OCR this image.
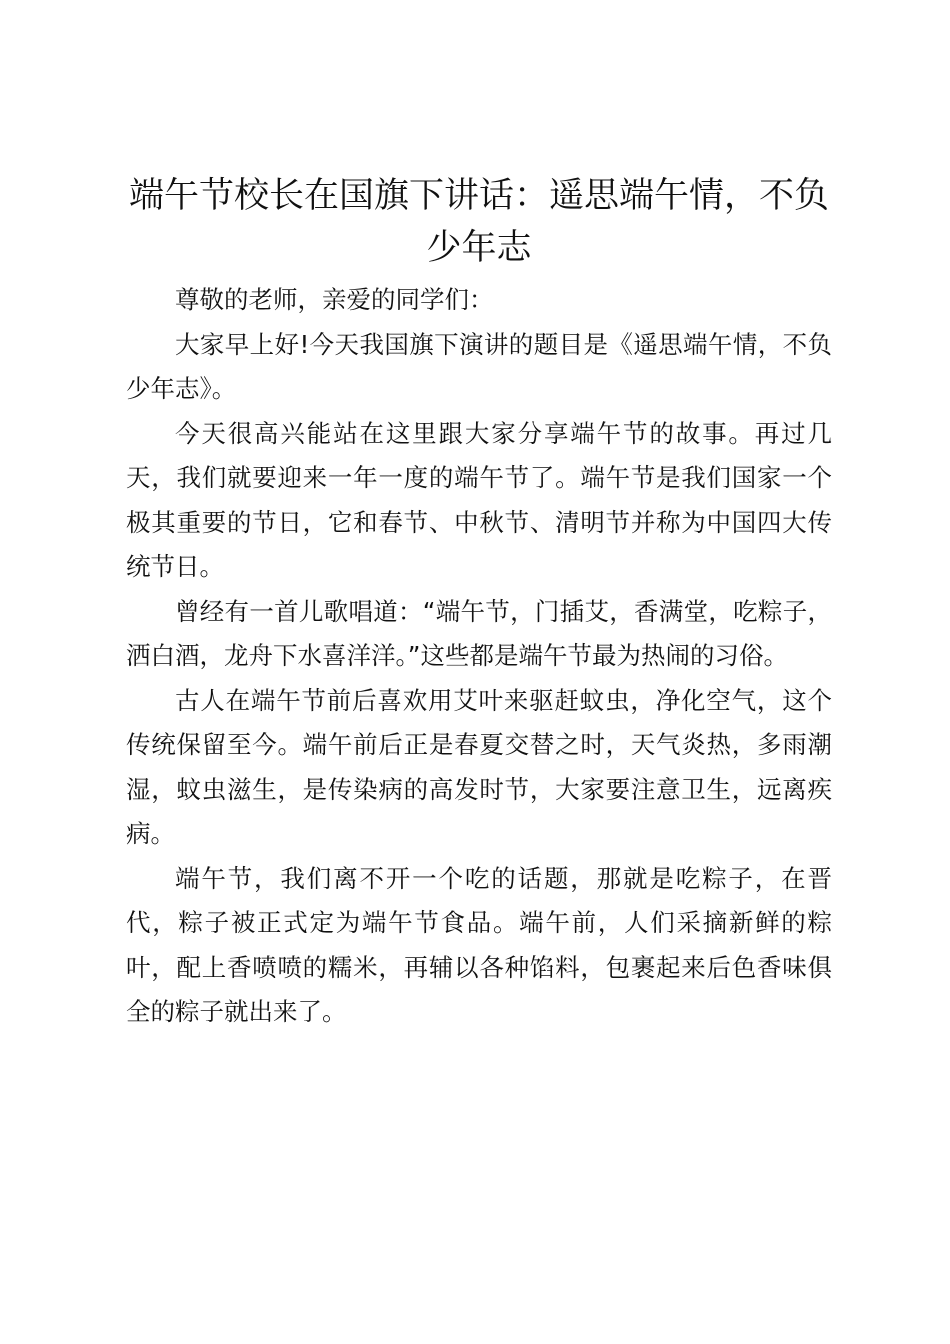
端午节校长在国旗下讲话：遥思端午情，不负少年志

尊敬的老师，亲爱的同学们：

大家早上好!今天我国旗下演讲的题目是《遥思端午情，不负少年志》。

今天很高兴能站在这里跟大家分享端午节的故事。再过几天，我们就要迎来一年一度的端午节了。端午节是我们国家一个极其重要的节日，它和春节、中秋节、清明节并称为中国四大传统节日。

曾经有一首儿歌唱道：“端午节，门插艾，香满堂，吃粽子，洒白酒，龙舟下水喜洋洋。”这些都是端午节最为热闹的习俗。

古人在端午节前后喜欢用艾叶来驱赶蚊虫，净化空气，这个传统保留至今。端午前后正是春夏交替之时，天气炎热，多雨潮湿，蚊虫滋生，是传染病的高发时节，大家要注意卫生，远离疾病。

端午节，我们离不开一个吃的话题，那就是吃粽子，在晋代，粽子被正式定为端午节食品。端午前，人们采摘新鲜的粽叶，配上香喷喷的糯米，再辅以各种馅料，包裹起来后色香味俱全的粽子就出来了。
